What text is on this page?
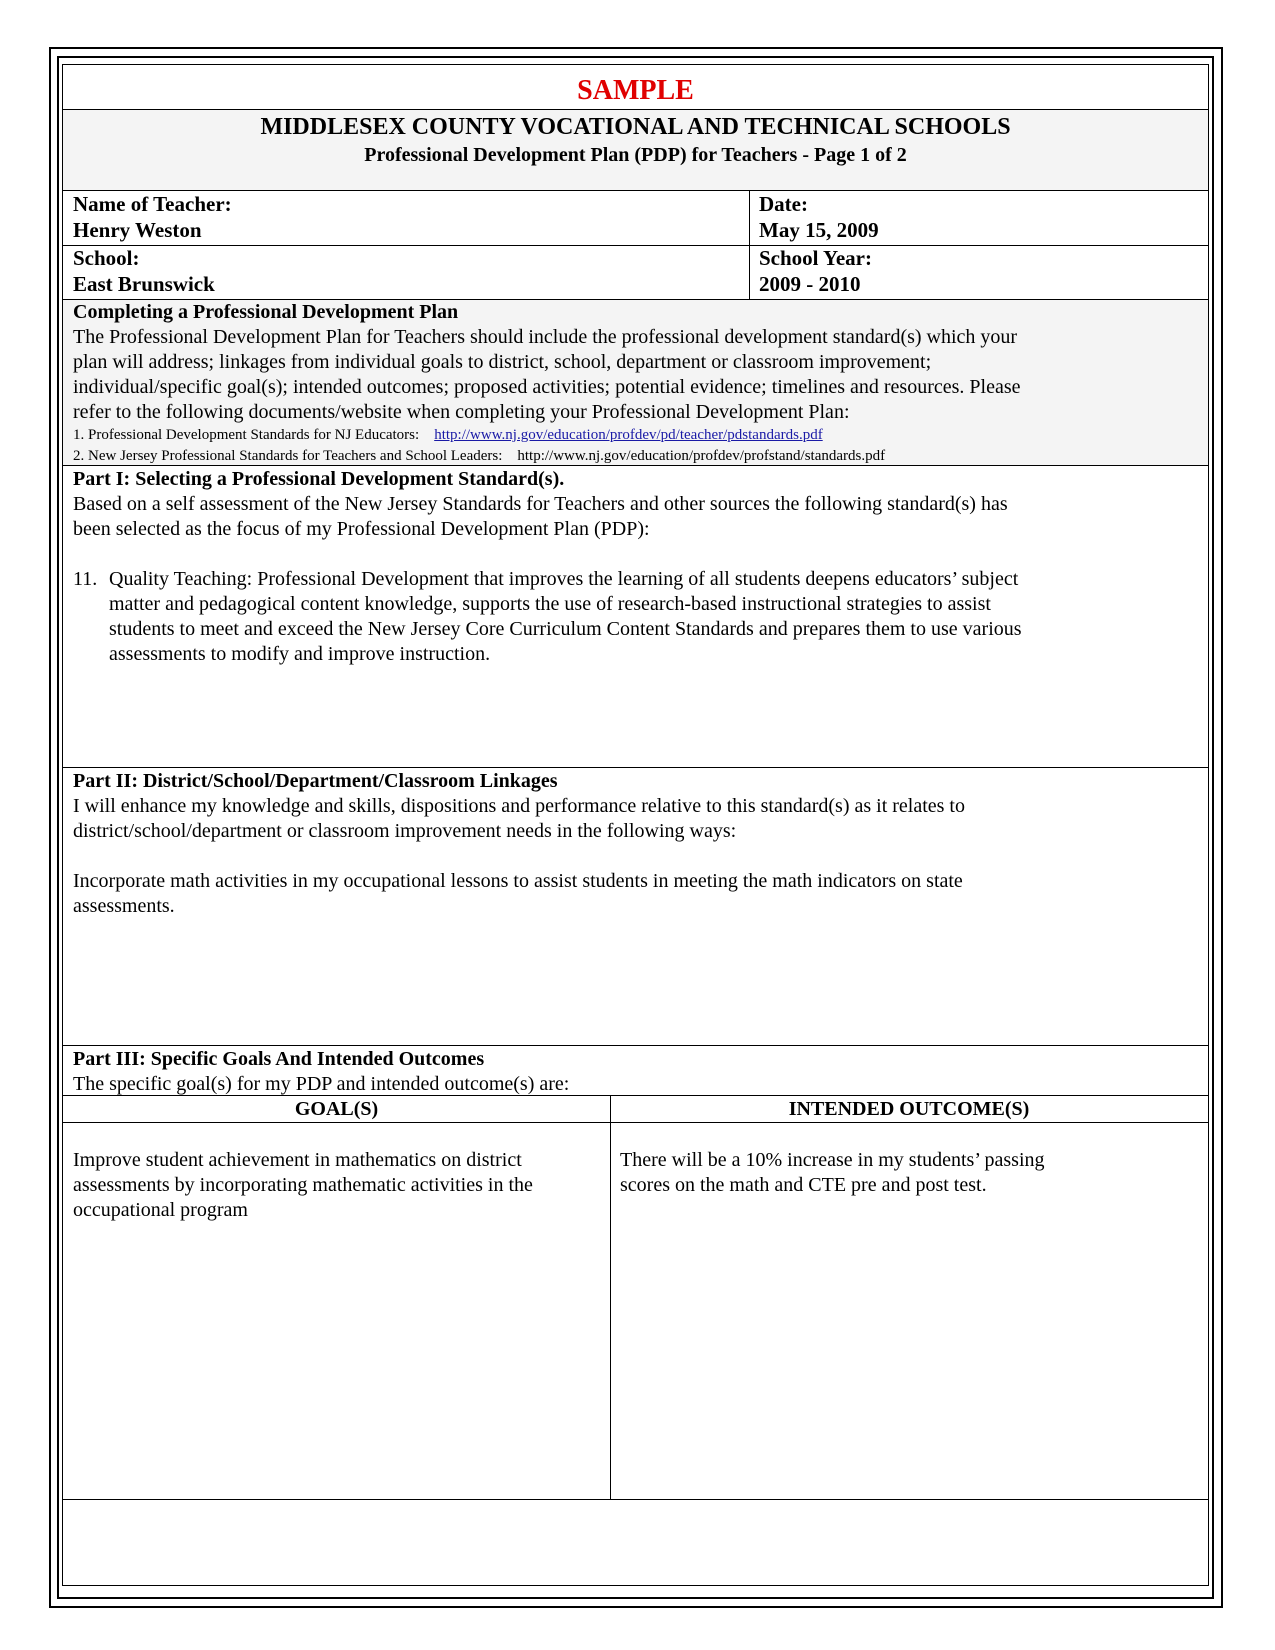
SAMPLE
MIDDLESEX COUNTY VOCATIONAL AND TECHNICAL SCHOOLS
Professional Development Plan (PDP) for Teachers - Page 1 of 2
Name of Teacher:
Henry Weston
Date:
May 15, 2009
School:
East Brunswick
School Year:
2009 - 2010
Completing a Professional Development Plan
The Professional Development Plan for Teachers should include the professional development standard(s) which your
plan will address; linkages from individual goals to district, school, department or classroom improvement;
individual/specific goal(s); intended outcomes; proposed activities; potential evidence; timelines and resources. Please
refer to the following documents/website when completing your Professional Development Plan:
1. Professional Development Standards for NJ Educators: http://www.nj.gov/education/profdev/pd/teacher/pdstandards.pdf
2. New Jersey Professional Standards for Teachers and School Leaders: http://www.nj.gov/education/profdev/profstand/standards.pdf
Part I: Selecting a Professional Development Standard(s).
Based on a self assessment of the New Jersey Standards for Teachers and other sources the following standard(s) has
been selected as the focus of my Professional Development Plan (PDP):

11. Quality Teaching: Professional Development that improves the learning of all students deepens educators’ subject
matter and pedagogical content knowledge, supports the use of research-based instructional strategies to assist
students to meet and exceed the New Jersey Core Curriculum Content Standards and prepares them to use various
assessments to modify and improve instruction.
Part II: District/School/Department/Classroom Linkages
I will enhance my knowledge and skills, dispositions and performance relative to this standard(s) as it relates to
district/school/department or classroom improvement needs in the following ways:

Incorporate math activities in my occupational lessons to assist students in meeting the math indicators on state
assessments.
Part III: Specific Goals And Intended Outcomes
The specific goal(s) for my PDP and intended outcome(s) are:
GOAL(S)	INTENDED OUTCOME(S)
Improve student achievement in mathematics on district
assessments by incorporating mathematic activities in the
occupational program
There will be a 10% increase in my students’ passing
scores on the math and CTE pre and post test.
